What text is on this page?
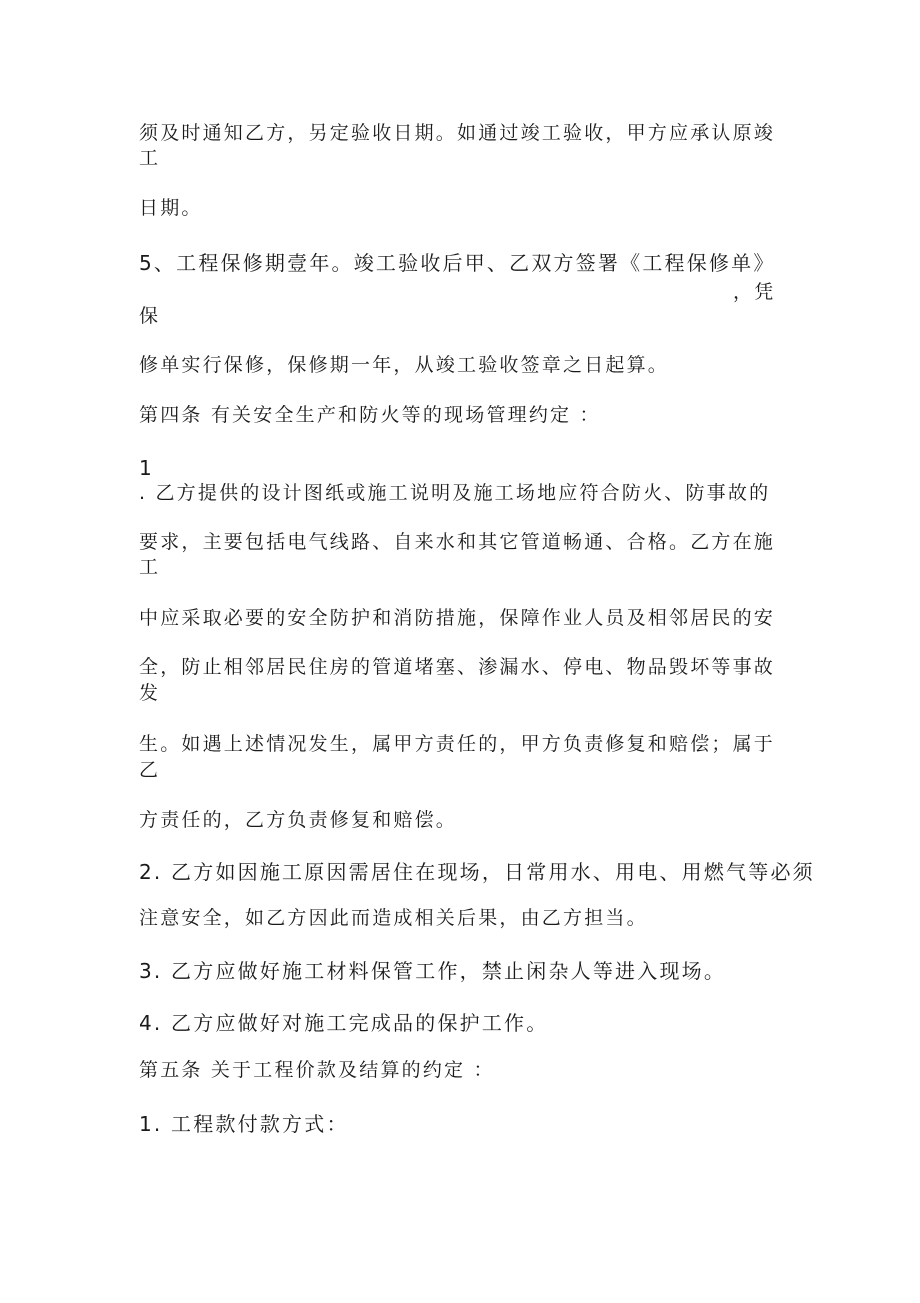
须及时通知乙方，另定验收日期。如通过竣工验收，甲方应承认原竣
工
日期。
5、工程保修期壹年。竣工验收后甲、乙双方签署《工程保修单》
，凭
保
修单实行保修，保修期一年，从竣工验收签章之日起算。
第四条 有关安全生产和防火等的现场管理约定 ：
1
. 乙方提供的设计图纸或施工说明及施工场地应符合防火、防事故的
要求，主要包括电气线路、自来水和其它管道畅通、合格。乙方在施
工
中应采取必要的安全防护和消防措施，保障作业人员及相邻居民的安
全，防止相邻居民住房的管道堵塞、渗漏水、停电、物品毁坏等事故
发
生。如遇上述情况发生，属甲方责任的，甲方负责修复和赔偿；属于
乙
方责任的，乙方负责修复和赔偿。
2. 乙方如因施工原因需居住在现场，日常用水、用电、用燃气等必须
注意安全，如乙方因此而造成相关后果，由乙方担当。
3. 乙方应做好施工材料保管工作，禁止闲杂人等进入现场。
4. 乙方应做好对施工完成品的保护工作。
第五条 关于工程价款及结算的约定 ：
1. 工程款付款方式：
